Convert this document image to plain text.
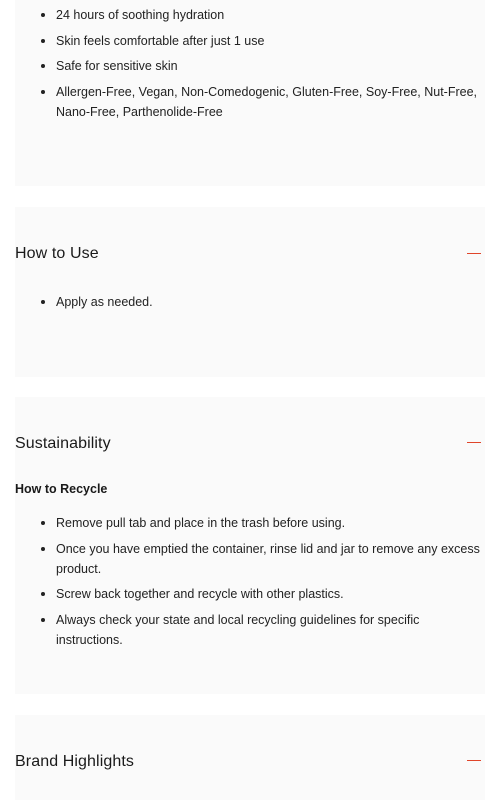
24 hours of soothing hydration
Skin feels comfortable after just 1 use
Safe for sensitive skin
Allergen-Free, Vegan, Non-Comedogenic, Gluten-Free, Soy-Free, Nut-Free, Nano-Free, Parthenolide-Free
How to Use
Apply as needed.
Sustainability
How to Recycle
Remove pull tab and place in the trash before using.
Once you have emptied the container, rinse lid and jar to remove any excess product.
Screw back together and recycle with other plastics.
Always check your state and local recycling guidelines for specific instructions.
Brand Highlights
